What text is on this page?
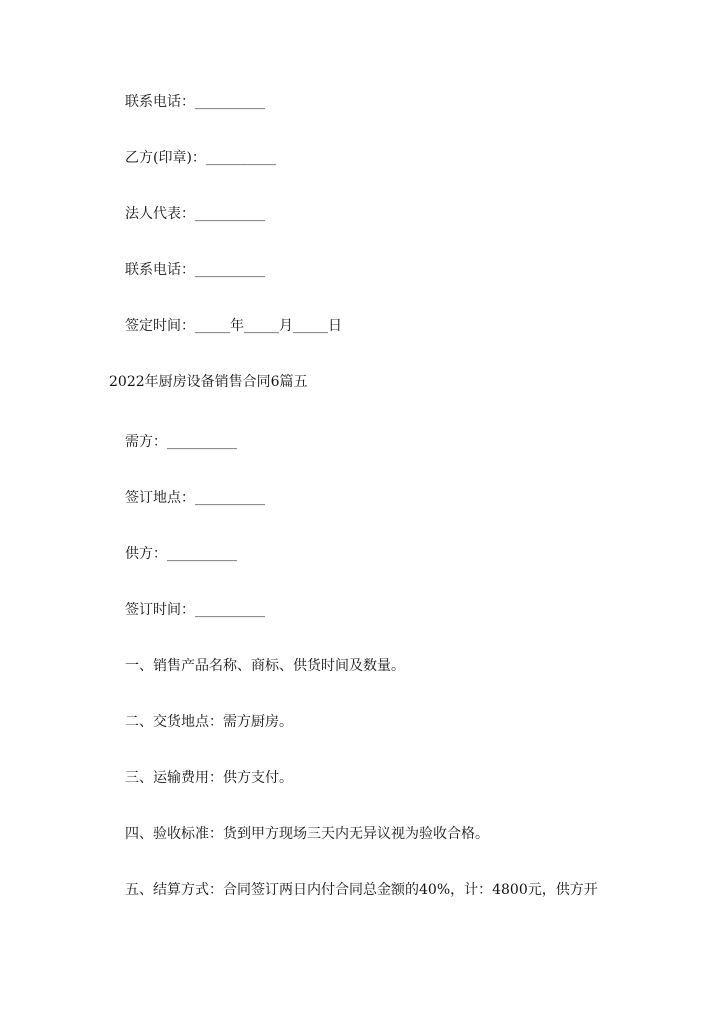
联系电话：__________
乙方(印章)：__________
法人代表：__________
联系电话：__________
签定时间：_____年_____月_____日
2022年厨房设备销售合同6篇五
需方：__________
签订地点：__________
供方：__________
签订时间：__________
一、销售产品名称、商标、供货时间及数量。
二、交货地点：需方厨房。
三、运输费用：供方支付。
四、验收标准：货到甲方现场三天内无异议视为验收合格。
五、结算方式：合同签订两日内付合同总金额的40%，计：4800元，供方开
